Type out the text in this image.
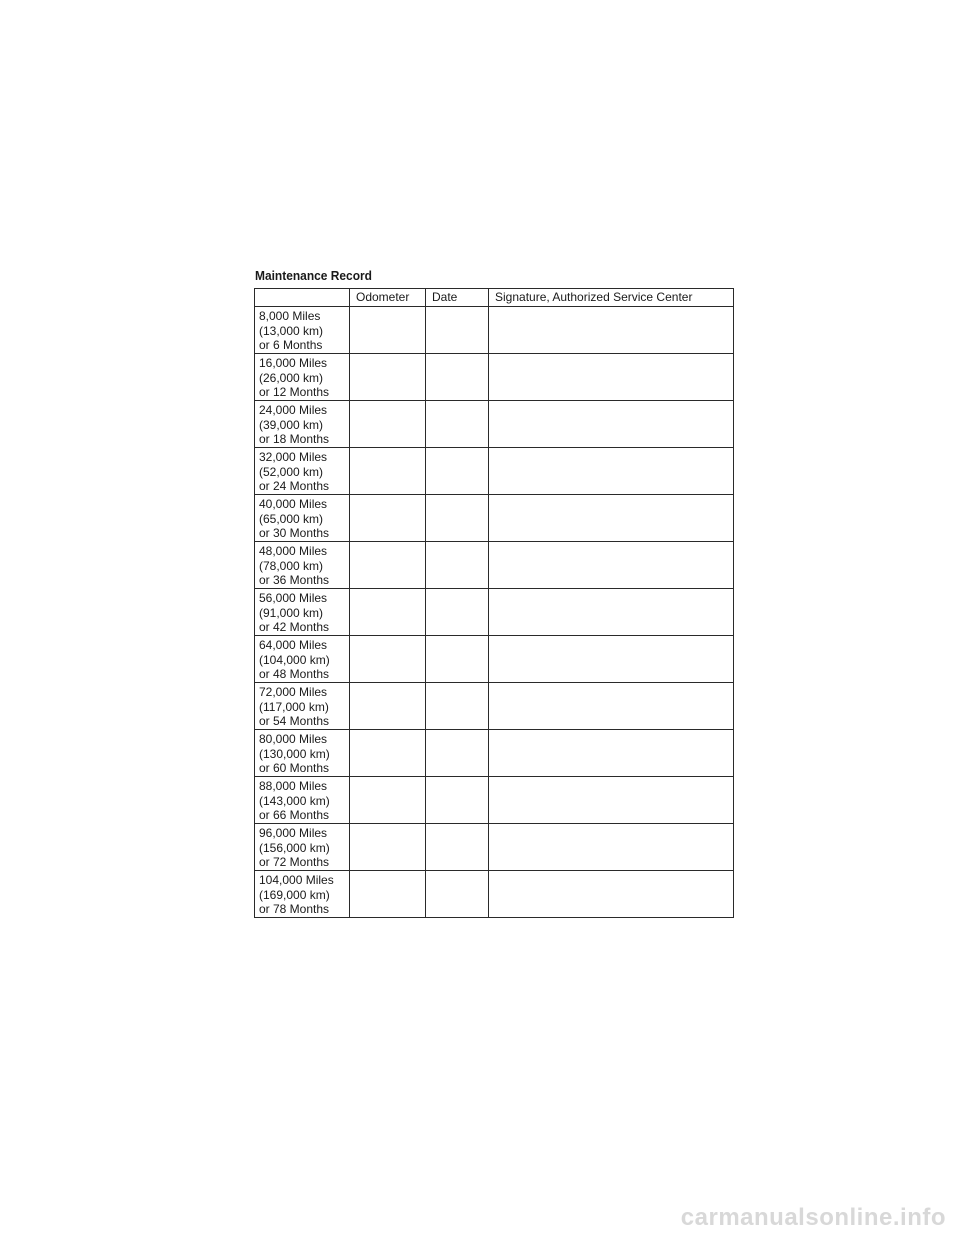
Maintenance Record
	Odometer	Date	Signature, Authorized Service Center

8,000 Miles
(13,000 km)
or 6 Months			

16,000 Miles
(26,000 km)
or 12 Months			

24,000 Miles
(39,000 km)
or 18 Months			

32,000 Miles
(52,000 km)
or 24 Months			

40,000 Miles
(65,000 km)
or 30 Months			

48,000 Miles
(78,000 km)
or 36 Months			

56,000 Miles
(91,000 km)
or 42 Months			

64,000 Miles
(104,000 km)
or 48 Months			

72,000 Miles
(117,000 km)
or 54 Months			

80,000 Miles
(130,000 km)
or 60 Months			

88,000 Miles
(143,000 km)
or 66 Months			

96,000 Miles
(156,000 km)
or 72 Months			

104,000 Miles
(169,000 km)
or 78 Months			

carmanualsonline.info
